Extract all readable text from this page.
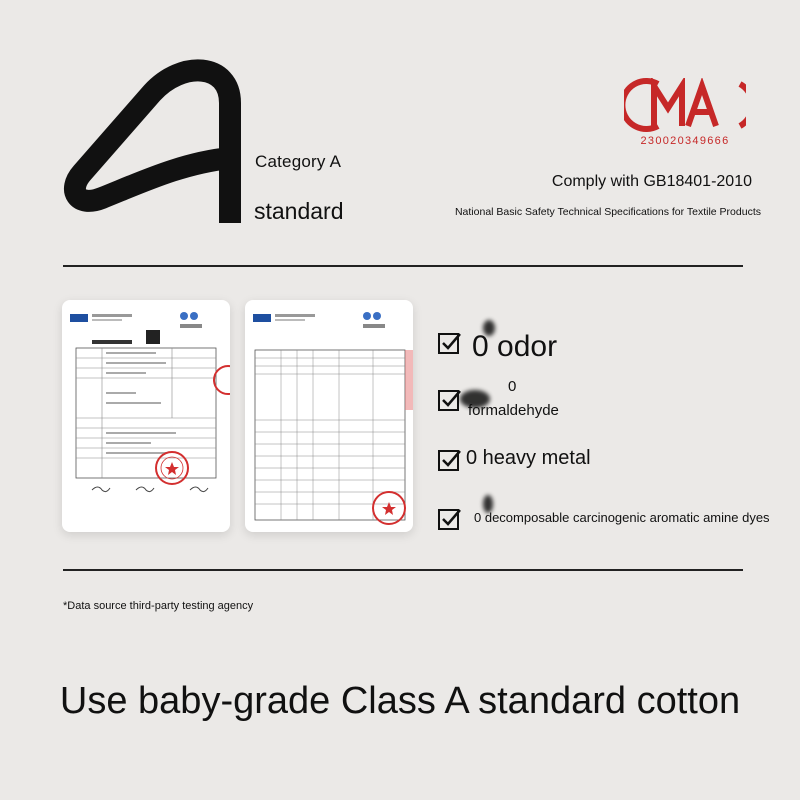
Category A
standard
230020349666
Comply with GB18401-2010
National Basic Safety Technical Specifications for Textile Products
0 odor
0
formaldehyde
0 heavy metal
0 decomposable carcinogenic aromatic amine dyes
*Data source third-party testing agency
Use baby-grade Class A standard cotton
